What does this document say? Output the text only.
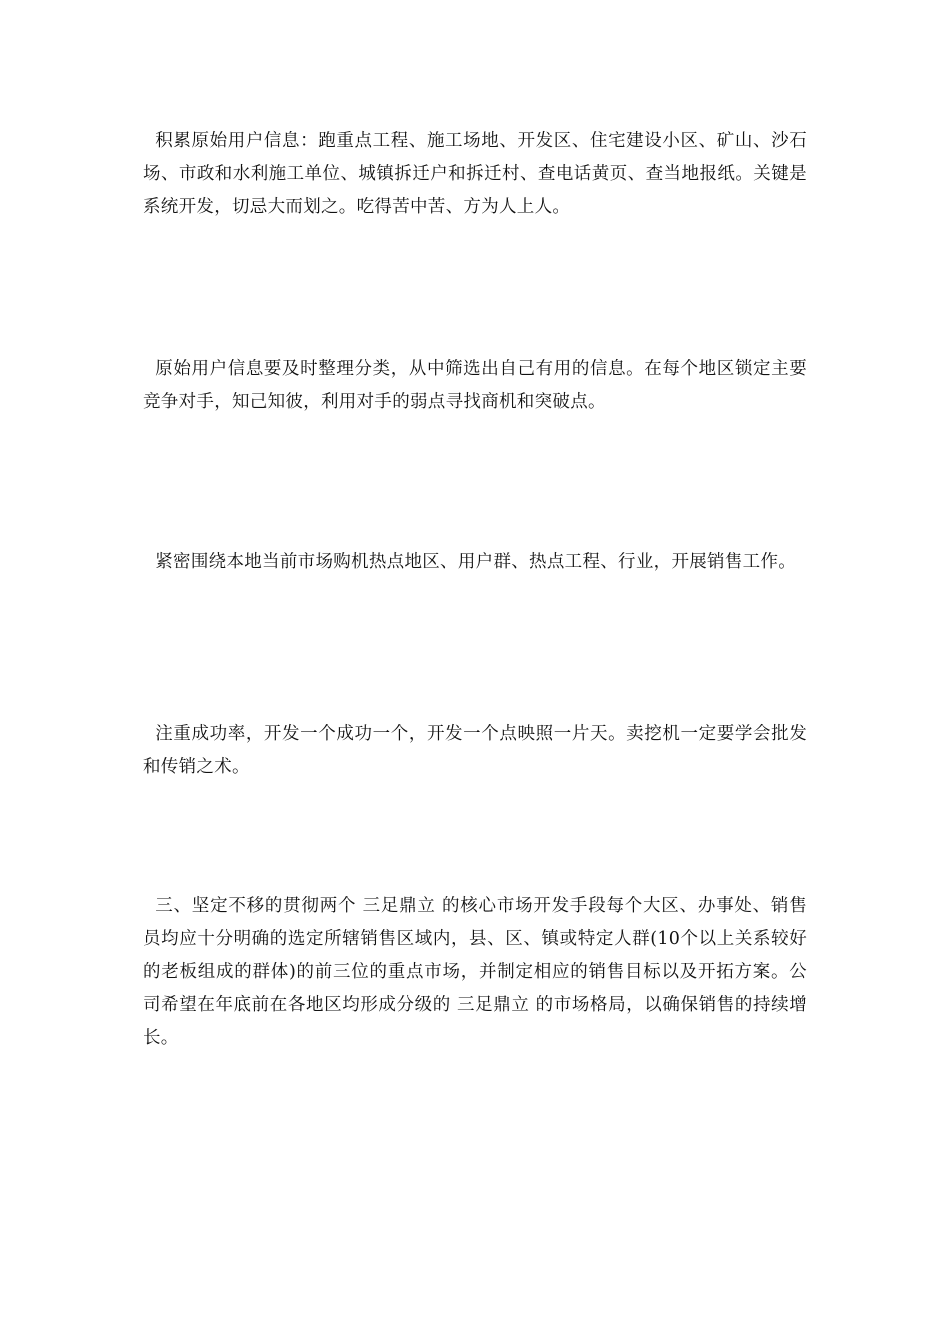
积累原始用户信息：跑重点工程、施工场地、开发区、住宅建设小区、矿山、沙石场、市政和水利施工单位、城镇拆迁户和拆迁村、查电话黄页、查当地报纸。关键是系统开发，切忌大而划之。吃得苦中苦、方为人上人。

原始用户信息要及时整理分类，从中筛选出自己有用的信息。在每个地区锁定主要竞争对手，知己知彼，利用对手的弱点寻找商机和突破点。

紧密围绕本地当前市场购机热点地区、用户群、热点工程、行业，开展销售工作。

注重成功率，开发一个成功一个，开发一个点映照一片天。卖挖机一定要学会批发和传销之术。

三、坚定不移的贯彻两个 三足鼎立 的核心市场开发手段每个大区、办事处、销售员均应十分明确的选定所辖销售区域内，县、区、镇或特定人群(10个以上关系较好的老板组成的群体)的前三位的重点市场，并制定相应的销售目标以及开拓方案。公司希望在年底前在各地区均形成分级的 三足鼎立 的市场格局，以确保销售的持续增长。
